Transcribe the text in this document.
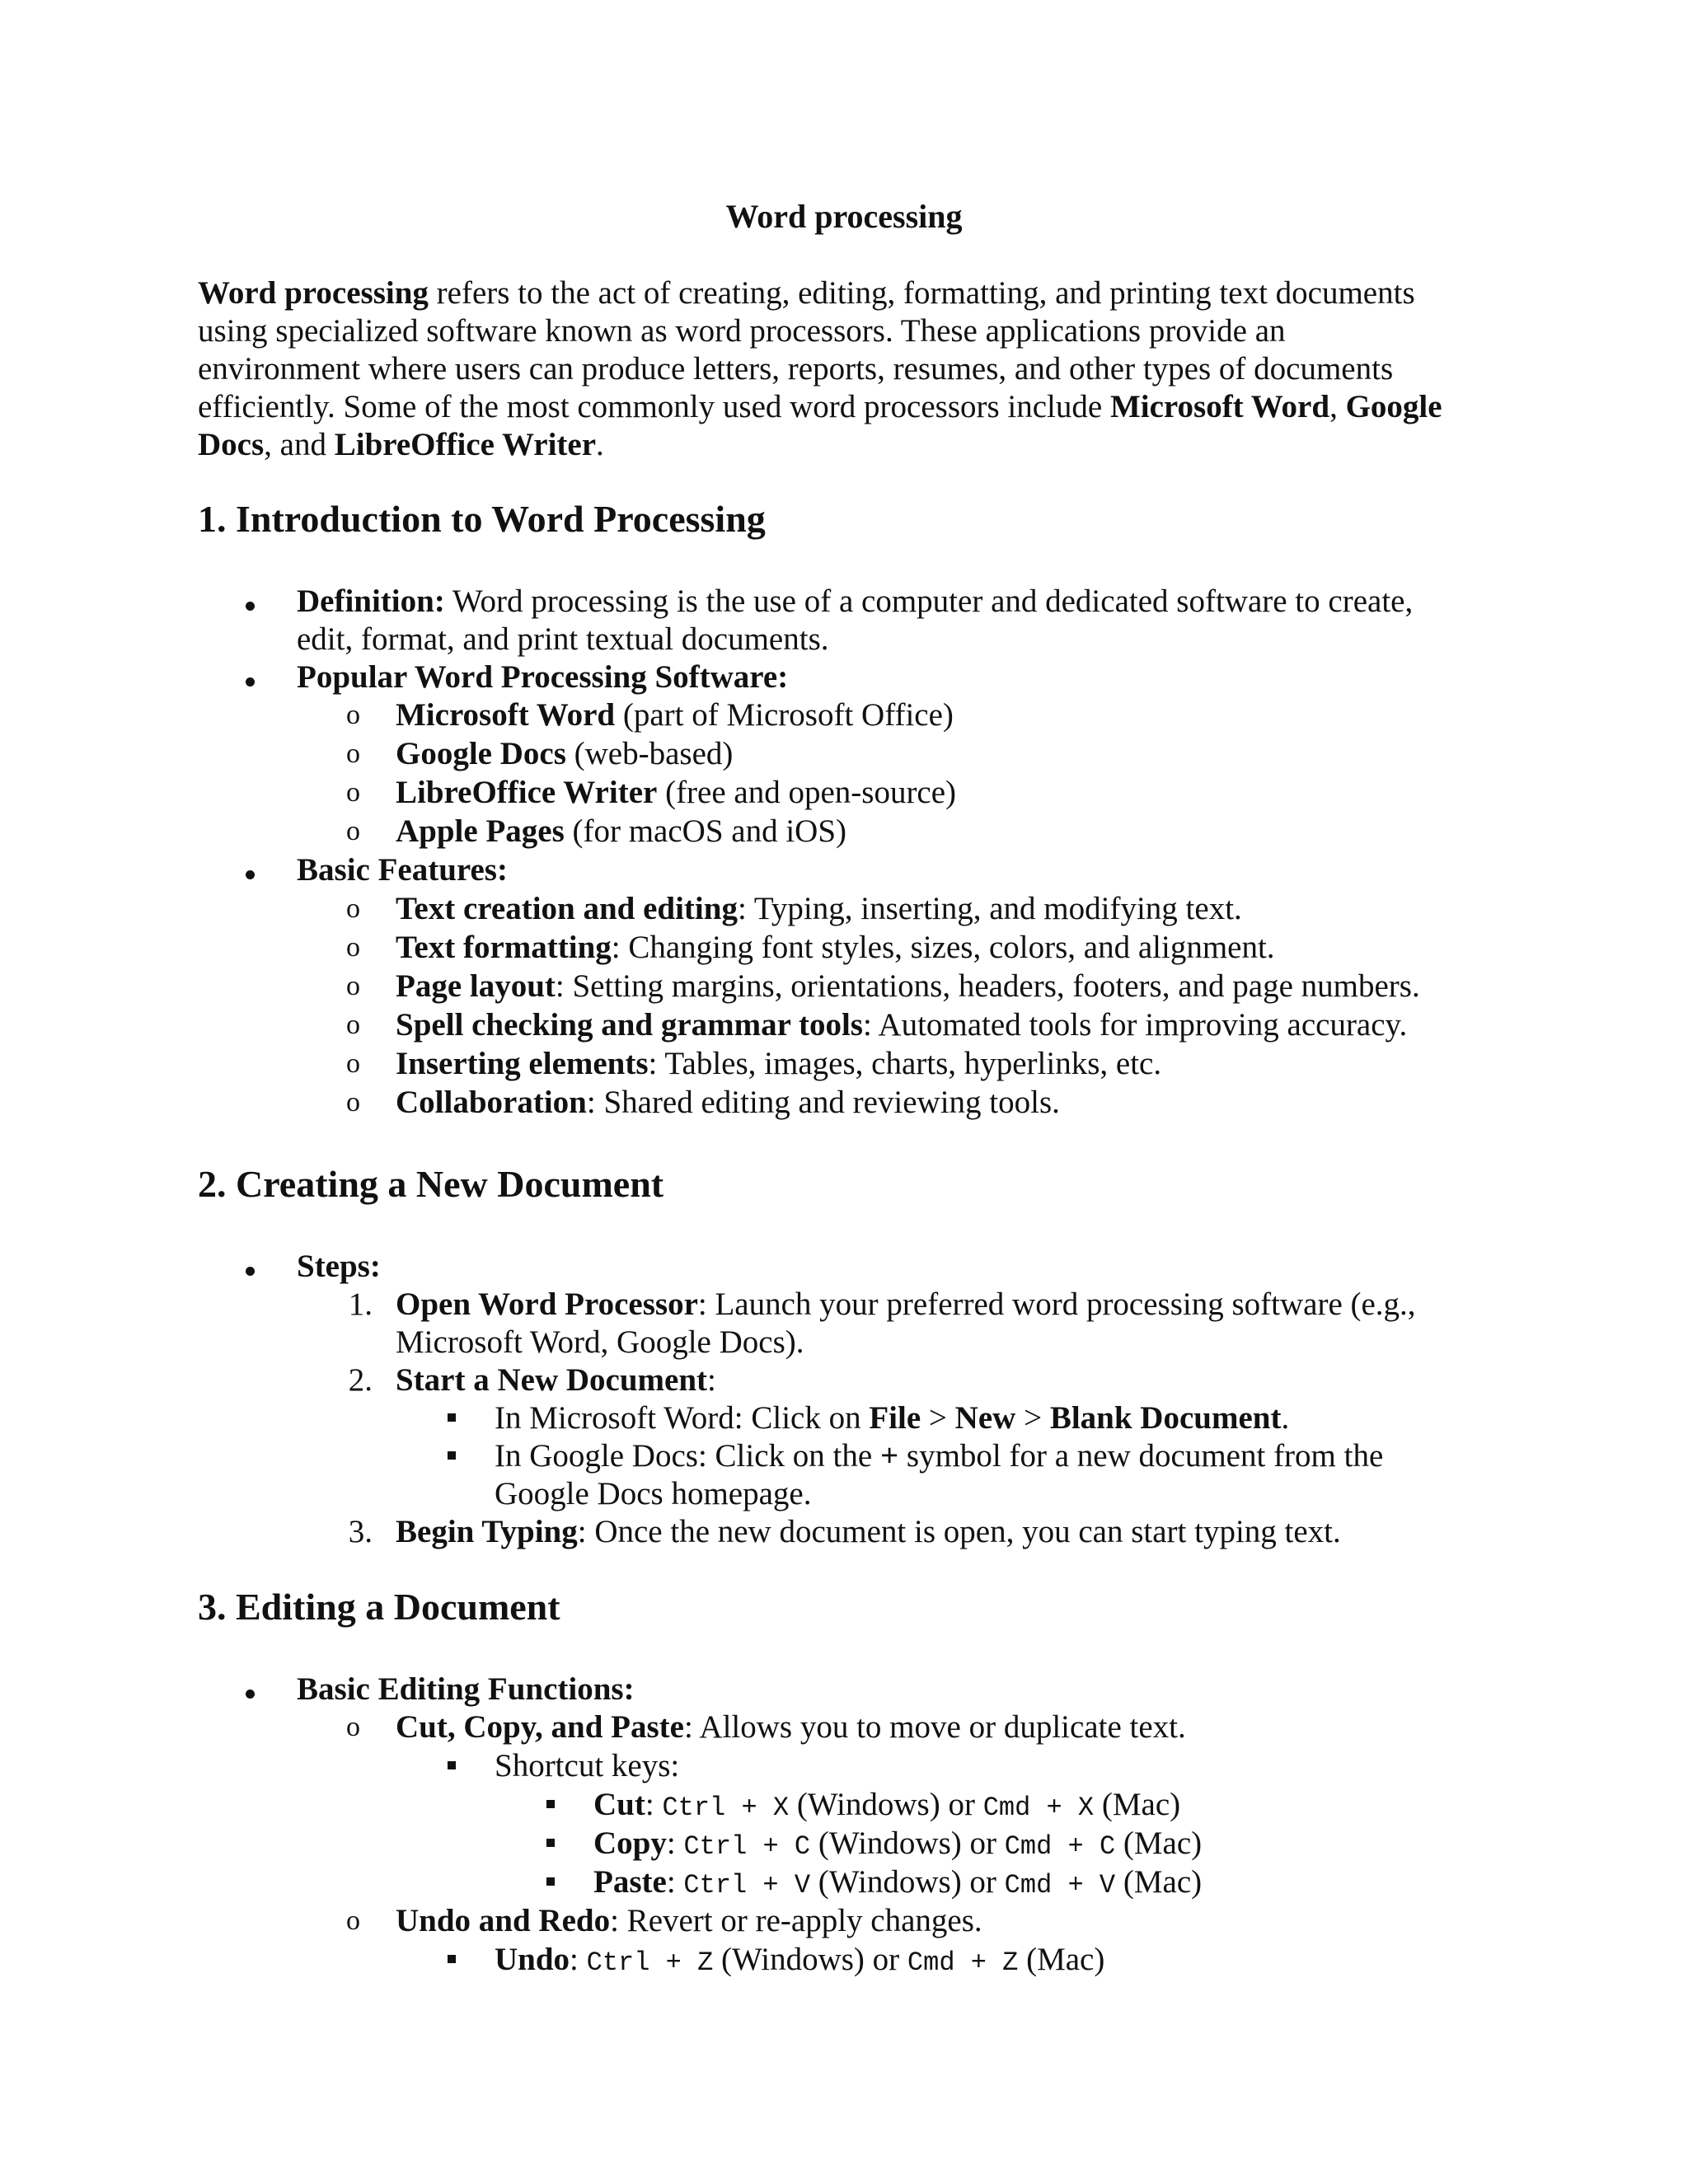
Word processing
Word processing refers to the act of creating, editing, formatting, and printing text documents
using specialized software known as word processors. These applications provide an
environment where users can produce letters, reports, resumes, and other types of documents
efficiently. Some of the most commonly used word processors include Microsoft Word, Google
Docs, and LibreOffice Writer.
1. Introduction to Word Processing
Definition: Word processing is the use of a computer and dedicated software to create,
edit, format, and print textual documents.
Popular Word Processing Software:
o Microsoft Word (part of Microsoft Office)
o Google Docs (web-based)
o LibreOffice Writer (free and open-source)
o Apple Pages (for macOS and iOS)
Basic Features:
o Text creation and editing: Typing, inserting, and modifying text.
o Text formatting: Changing font styles, sizes, colors, and alignment.
o Page layout: Setting margins, orientations, headers, footers, and page numbers.
o Spell checking and grammar tools: Automated tools for improving accuracy.
o Inserting elements: Tables, images, charts, hyperlinks, etc.
o Collaboration: Shared editing and reviewing tools.
2. Creating a New Document
Steps:
1. Open Word Processor: Launch your preferred word processing software (e.g.,
Microsoft Word, Google Docs).
2. Start a New Document:
In Microsoft Word: Click on File > New > Blank Document.
In Google Docs: Click on the + symbol for a new document from the
Google Docs homepage.
3. Begin Typing: Once the new document is open, you can start typing text.
3. Editing a Document
Basic Editing Functions:
o Cut, Copy, and Paste: Allows you to move or duplicate text.
Shortcut keys:
Cut: Ctrl + X (Windows) or Cmd + X (Mac)
Copy: Ctrl + C (Windows) or Cmd + C (Mac)
Paste: Ctrl + V (Windows) or Cmd + V (Mac)
o Undo and Redo: Revert or re-apply changes.
Undo: Ctrl + Z (Windows) or Cmd + Z (Mac)
